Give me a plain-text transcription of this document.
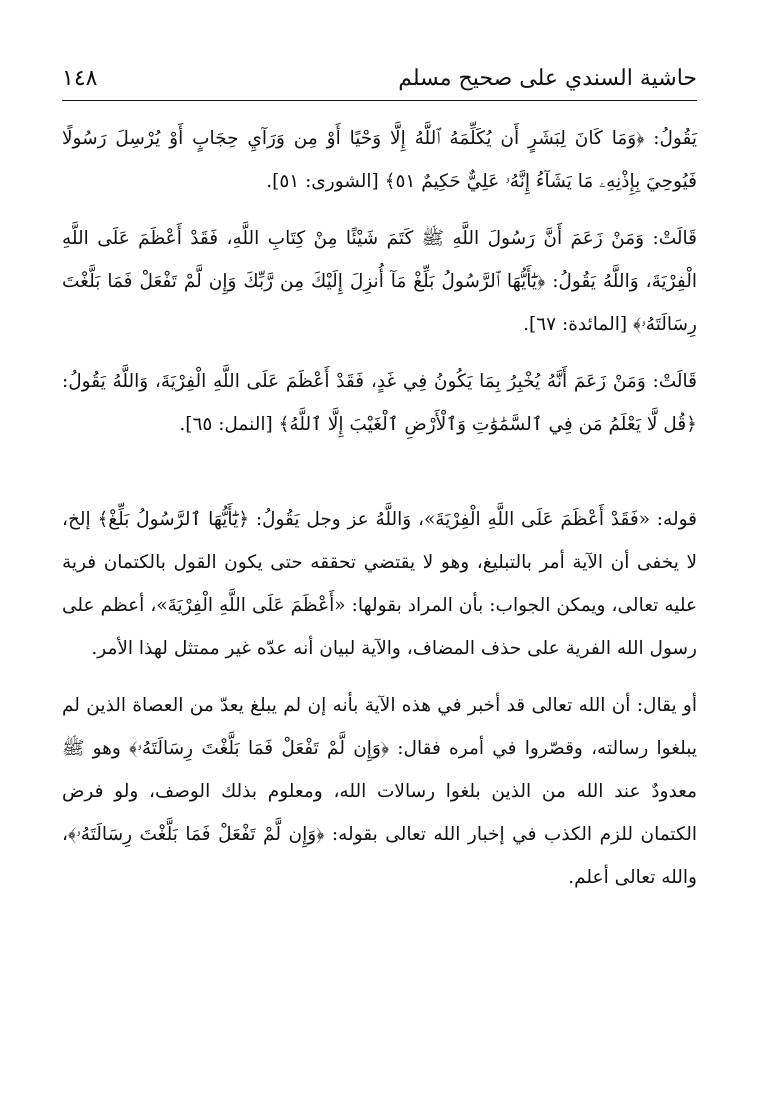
حاشية السندي على صحيح مسلم
١٤٨

يَقُولُ: ﴿وَمَا كَانَ لِبَشَرٍ أَن يُكَلِّمَهُ ٱللَّهُ إِلَّا وَحْيًا أَوْ مِن وَرَآيِ حِجَابٍ أَوْ يُرْسِلَ رَسُولًا فَيُوحِيَ بِإِذْنِهِۦ مَا يَشَآءُ إِنَّهُۥ عَلِيٌّ حَكِيمٌ ٥١﴾ [الشورى: ٥١].

قَالَتْ: وَمَنْ زَعَمَ أَنَّ رَسُولَ اللَّهِ ﷺ كَتَمَ شَيْئًا مِنْ كِتَابِ اللَّهِ، فَقَدْ أَعْظَمَ عَلَى اللَّهِ الْفِرْيَةَ، وَاللَّهُ يَقُولُ: ﴿يَٰٓأَيُّهَا ٱلرَّسُولُ بَلِّغْ مَآ أُنزِلَ إِلَيْكَ مِن رَّبِّكَ وَإِن لَّمْ تَفْعَلْ فَمَا بَلَّغْتَ رِسَالَتَهُۥ﴾ [المائدة: ٦٧].

قَالَتْ: وَمَنْ زَعَمَ أَنَّهُ يُخْبِرُ بِمَا يَكُونُ فِي غَدٍ، فَقَدْ أَعْظَمَ عَلَى اللَّهِ الْفِرْيَةَ، وَاللَّهُ يَقُولُ: ﴿قُل لَّا يَعْلَمُ مَن فِي ٱلسَّمَٰوَٰتِ وَٱلْأَرْضِ ٱلْغَيْبَ إِلَّا ٱللَّهُ﴾ [النمل: ٦٥].

قوله: «فَقَدْ أَعْظَمَ عَلَى اللَّهِ الْفِرْيَةَ»، وَاللَّهُ عز وجل يَقُولُ: ﴿يَٰٓأَيُّهَا ٱلرَّسُولُ بَلِّغْ﴾ إلخ، لا يخفى أن الآية أمر بالتبليغ، وهو لا يقتضي تحققه حتى يكون القول بالكتمان فرية عليه تعالى، ويمكن الجواب: بأن المراد بقولها: «أَعْظَمَ عَلَى اللَّهِ الْفِرْيَةَ»، أعظم على رسول الله الفرية على حذف المضاف، والآية لبيان أنه عدّه غير ممتثل لهذا الأمر.

أو يقال: أن الله تعالى قد أخبر في هذه الآية بأنه إن لم يبلغ يعدّ من العصاة الذين لم يبلغوا رسالته، وقصّروا في أمره فقال: ﴿وَإِن لَّمْ تَفْعَلْ فَمَا بَلَّغْتَ رِسَالَتَهُۥ﴾ وهو ﷺ معدودٌ عند الله من الذين بلغوا رسالات الله، ومعلوم بذلك الوصف، ولو فرض الكتمان للزم الكذب في إخبار الله تعالى بقوله: ﴿وَإِن لَّمْ تَفْعَلْ فَمَا بَلَّغْتَ رِسَالَتَهُۥ﴾، والله تعالى أعلم.
